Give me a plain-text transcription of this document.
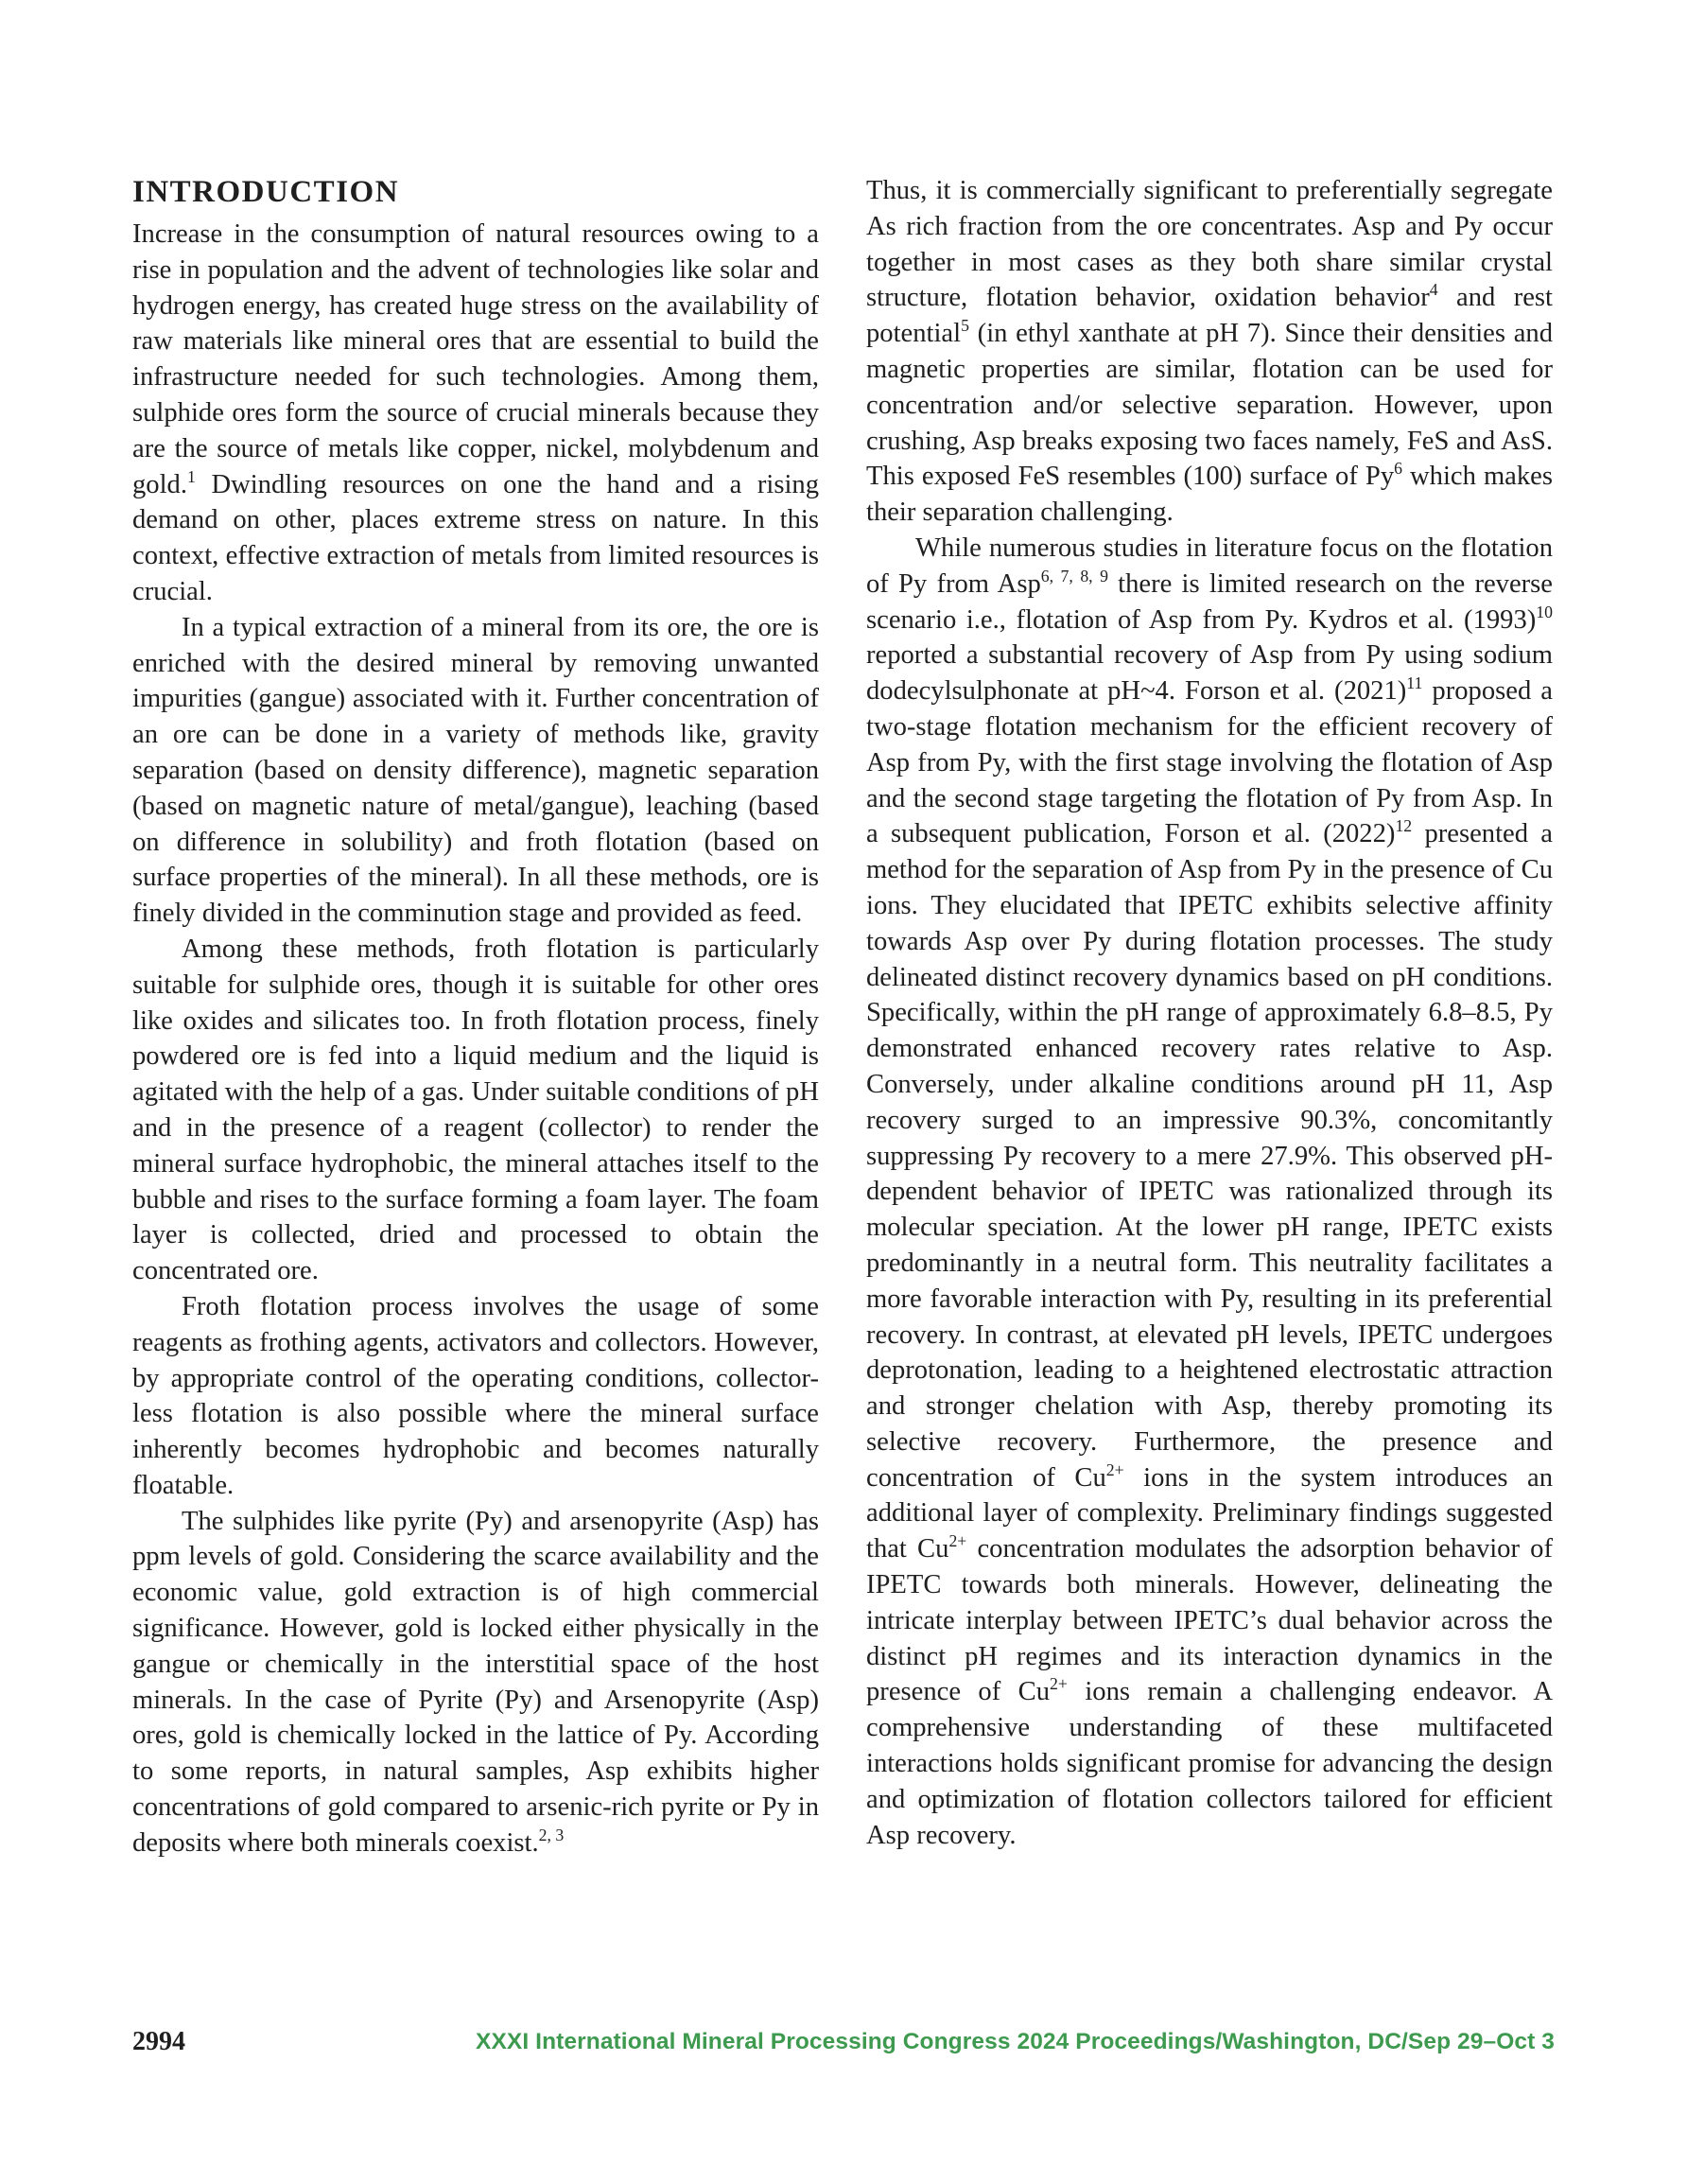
INTRODUCTION

Increase in the consumption of natural resources owing to a rise in population and the advent of technologies like solar and hydrogen energy, has created huge stress on the availability of raw materials like mineral ores that are essential to build the infrastructure needed for such technologies. Among them, sulphide ores form the source of crucial minerals because they are the source of metals like copper, nickel, molybdenum and gold.$^1$ Dwindling resources on one the hand and a rising demand on other, places extreme stress on nature. In this context, effective extraction of metals from limited resources is crucial.

In a typical extraction of a mineral from its ore, the ore is enriched with the desired mineral by removing unwanted impurities (gangue) associated with it. Further concentration of an ore can be done in a variety of methods like, gravity separation (based on density difference), magnetic separation (based on magnetic nature of metal/gangue), leaching (based on difference in solubility) and froth flotation (based on surface properties of the mineral). In all these methods, ore is finely divided in the comminution stage and provided as feed.

Among these methods, froth flotation is particularly suitable for sulphide ores, though it is suitable for other ores like oxides and silicates too. In froth flotation process, finely powdered ore is fed into a liquid medium and the liquid is agitated with the help of a gas. Under suitable conditions of pH and in the presence of a reagent (collector) to render the mineral surface hydrophobic, the mineral attaches itself to the bubble and rises to the surface forming a foam layer. The foam layer is collected, dried and processed to obtain the concentrated ore.

Froth flotation process involves the usage of some reagents as frothing agents, activators and collectors. However, by appropriate control of the operating conditions, collector-less flotation is also possible where the mineral surface inherently becomes hydrophobic and becomes naturally floatable.

The sulphides like pyrite (Py) and arsenopyrite (Asp) has ppm levels of gold. Considering the scarce availability and the economic value, gold extraction is of high commercial significance. However, gold is locked either physically in the gangue or chemically in the interstitial space of the host minerals. In the case of Pyrite (Py) and Arsenopyrite (Asp) ores, gold is chemically locked in the lattice of Py. According to some reports, in natural samples, Asp exhibits higher concentrations of gold compared to arsenic-rich pyrite or Py in deposits where both minerals coexist.$^{2, 3}$

Thus, it is commercially significant to preferentially segregate As rich fraction from the ore concentrates. Asp and Py occur together in most cases as they both share similar crystal structure, flotation behavior, oxidation behavior$^4$ and rest potential$^5$ (in ethyl xanthate at pH 7). Since their densities and magnetic properties are similar, flotation can be used for concentration and/or selective separation. However, upon crushing, Asp breaks exposing two faces namely, FeS and AsS. This exposed FeS resembles (100) surface of Py$^6$ which makes their separation challenging.

While numerous studies in literature focus on the flotation of Py from Asp$^{6, 7, 8, 9}$ there is limited research on the reverse scenario i.e., flotation of Asp from Py. Kydros et al. $(1993)^{10}$ reported a substantial recovery of Asp from Py using sodium dodecylsulphonate at pH~4. Forson et al. $(2021)^{11}$ proposed a two-stage flotation mechanism for the efficient recovery of Asp from Py, with the first stage involving the flotation of Asp and the second stage targeting the flotation of Py from Asp. In a subsequent publication, Forson et al. $(2022)^{12}$ presented a method for the separation of Asp from Py in the presence of Cu ions. They elucidated that IPETC exhibits selective affinity towards Asp over Py during flotation processes. The study delineated distinct recovery dynamics based on pH conditions. Specifically, within the pH range of approximately 6.8–8.5, Py demonstrated enhanced recovery rates relative to Asp. Conversely, under alkaline conditions around pH 11, Asp recovery surged to an impressive 90.3%, concomitantly suppressing Py recovery to a mere 27.9%. This observed pH-dependent behavior of IPETC was rationalized through its molecular speciation. At the lower pH range, IPETC exists predominantly in a neutral form. This neutrality facilitates a more favorable interaction with Py, resulting in its preferential recovery. In contrast, at elevated pH levels, IPETC undergoes deprotonation, leading to a heightened electrostatic attraction and stronger chelation with Asp, thereby promoting its selective recovery. Furthermore, the presence and concentration of $Cu^{2+}$ ions in the system introduces an additional layer of complexity. Preliminary findings suggested that $Cu^{2+}$ concentration modulates the adsorption behavior of IPETC towards both minerals. However, delineating the intricate interplay between IPETC’s dual behavior across the distinct pH regimes and its interaction dynamics in the presence of $Cu^{2+}$ ions remain a challenging endeavor. A comprehensive understanding of these multifaceted interactions holds significant promise for advancing the design and optimization of flotation collectors tailored for efficient Asp recovery.

2994	XXXI International Mineral Processing Congress 2024 Proceedings/Washington, DC/Sep 29–Oct 3
